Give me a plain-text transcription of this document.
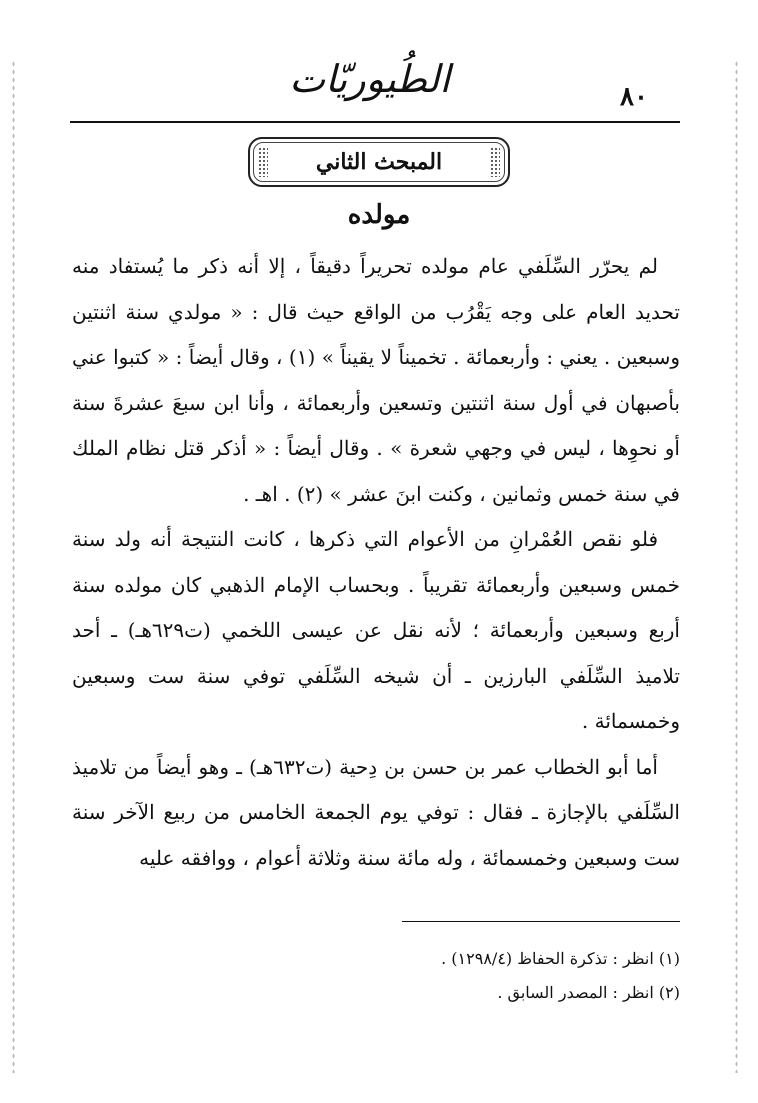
٨٠
الطُيوريّات
المبحث الثاني
مولده

لم يحرّر السِّلَفي عام مولده تحريراً دقيقاً ، إلا أنه ذكر ما يُستفاد منه تحديد العام على وجه يَقْرُب من الواقع حيث قال : « مولدي سنة اثنتين وسبعين . يعني : وأربعمائة . تخميناً لا يقيناً » (١) ، وقال أيضاً : « كتبوا عني بأصبهان في أول سنة اثنتين وتسعين وأربعمائة ، وأنا ابن سبعَ عشرةَ سنة أو نحوِها ، ليس في وجهي شعرة » . وقال أيضاً : « أذكر قتل نظام الملك في سنة خمس وثمانين ، وكنت ابنَ عشر » (٢) . اهـ .

فلو نقص العُمْرانِ من الأعوام التي ذكرها ، كانت النتيجة أنه ولد سنة خمس وسبعين وأربعمائة تقريباً . وبحساب الإمام الذهبي كان مولده سنة أربع وسبعين وأربعمائة ؛ لأنه نقل عن عيسى اللخمي (ت٦٢٩هـ) ـ أحد تلاميذ السِّلَفي البارزين ـ أن شيخه السِّلَفي توفي سنة ست وسبعين وخمسمائة .

أما أبو الخطاب عمر بن حسن بن دِحية (ت٦٣٢هـ) ـ وهو أيضاً من تلاميذ السِّلَفي بالإجازة ـ فقال : توفي يوم الجمعة الخامس من ربيع الآخر سنة ست وسبعين وخمسمائة ، وله مائة سنة وثلاثة أعوام ، ووافقه عليه

(١) انظر : تذكرة الحفاظ (١٢٩٨/٤) .
(٢) انظر : المصدر السابق .
